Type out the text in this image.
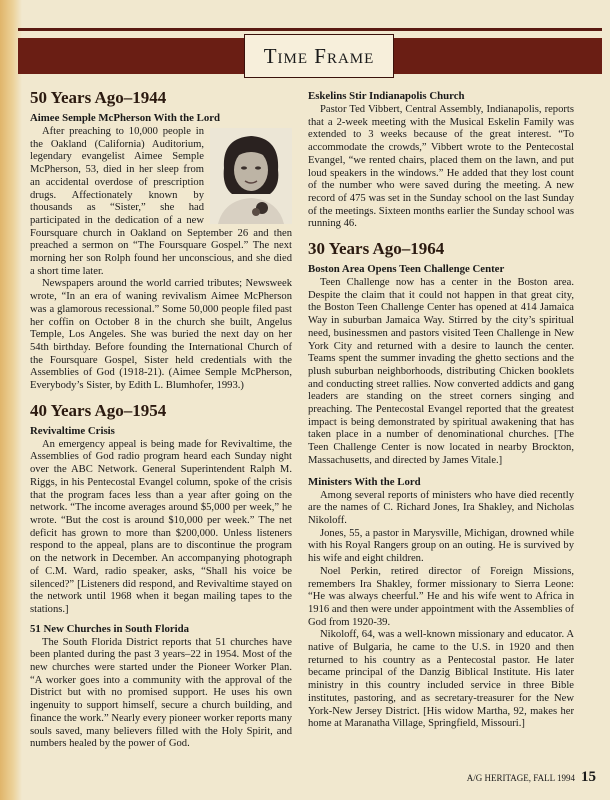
Time Frame
50 Years Ago–1944
Aimee Semple McPherson With the Lord

After preaching to 10,000 people in the Oakland (California) Auditorium, legendary evangelist Aimee Semple McPherson, 53, died in her sleep from an accidental overdose of prescription drugs. Affectionately known by thousands as “Sister,” she had participated in the dedication of a new Foursquare church in Oakland on September 26 and then preached a sermon on “The Foursquare Gospel.” The next morning her son Rolph found her unconscious, and she died a short time later.

Newspapers around the world carried tributes; Newsweek wrote, “In an era of waning revivalism Aimee McPherson was a glamorous recessional.” Some 50,000 people filed past her coffin on October 8 in the church she built, Angelus Temple, Los Angeles. She was buried the next day on her 54th birthday. Before founding the International Church of the Foursquare Gospel, Sister held credentials with the Assemblies of God (1918-21). (Aimee Semple McPherson, Everybody’s Sister, by Edith L. Blumhofer, 1993.)

40 Years Ago–1954
Revivaltime Crisis

An emergency appeal is being made for Revivaltime, the Assemblies of God radio program heard each Sunday night over the ABC Network. General Superintendent Ralph M. Riggs, in his Pentecostal Evangel column, spoke of the crisis that the program faces less than a year after going on the network. “The income averages around $5,000 per week,” he wrote. “But the cost is around $10,000 per week.” The net deficit has grown to more than $200,000. Unless listeners respond to the appeal, plans are to discontinue the program on the network in December. An accompanying photograph of C.M. Ward, radio speaker, asks, “Shall his voice be silenced?” [Listeners did respond, and Revivaltime stayed on the network until 1968 when it began mailing tapes to the stations.]

51 New Churches in South Florida

The South Florida District reports that 51 churches have been planted during the past 3 years–22 in 1954. Most of the new churches were started under the Pioneer Worker Plan. “A worker goes into a community with the approval of the District but with no promised support. He uses his own ingenuity to support himself, secure a church building, and finance the work.” Nearly every pioneer worker reports many souls saved, many believers filled with the Holy Spirit, and numbers healed by the power of God.

Eskelins Stir Indianapolis Church

Pastor Ted Vibbert, Central Assembly, Indianapolis, reports that a 2-week meeting with the Musical Eskelin Family was extended to 3 weeks because of the great interest. “To accommodate the crowds,” Vibbert wrote to the Pentecostal Evangel, “we rented chairs, placed them on the lawn, and put loud speakers in the windows.” He added that they lost count of the number who were saved during the meeting. A new record of 475 was set in the Sunday school on the last Sunday of the meetings. Sixteen months earlier the Sunday school was running 46.

30 Years Ago–1964
Boston Area Opens Teen Challenge Center

Teen Challenge now has a center in the Boston area. Despite the claim that it could not happen in that great city, the Boston Teen Challenge Center has opened at 414 Jamaica Way in suburban Jamaica Way. Stirred by the city’s spiritual need, businessmen and pastors visited Teen Challenge in New York City and returned with a desire to launch the center. Teams spent the summer invading the ghetto sections and the plush suburban neighborhoods, distributing Chicken booklets and conducting street rallies. Now converted addicts and gang leaders are standing on the street corners singing and preaching. The Pentecostal Evangel reported that the greatest impact is being demonstrated by spiritual awakening that has taken place in a number of denominational churches. [The Teen Challenge Center is now located in nearby Brockton, Massachusetts, and directed by James Vitale.]

Ministers With the Lord

Among several reports of ministers who have died recently are the names of C. Richard Jones, Ira Shakley, and Nicholas Nikoloff.

Jones, 55, a pastor in Marysville, Michigan, drowned while with his Royal Rangers group on an outing. He is survived by his wife and eight children.

Noel Perkin, retired director of Foreign Missions, remembers Ira Shakley, former missionary to Sierra Leone: “He was always cheerful.” He and his wife went to Africa in 1916 and then were under appointment with the Assemblies of God from 1920-39.

Nikoloff, 64, was a well-known missionary and educator. A native of Bulgaria, he came to the U.S. in 1920 and then returned to his country as a Pentecostal pastor. He later became principal of the Danzig Biblical Institute. His later ministry in this country included service in three Bible institutes, pastoring, and as secretary-treasurer for the New York-New Jersey District. [His widow Martha, 92, makes her home at Maranatha Village, Springfield, Missouri.]

A/G HERITAGE, FALL 1994 15
